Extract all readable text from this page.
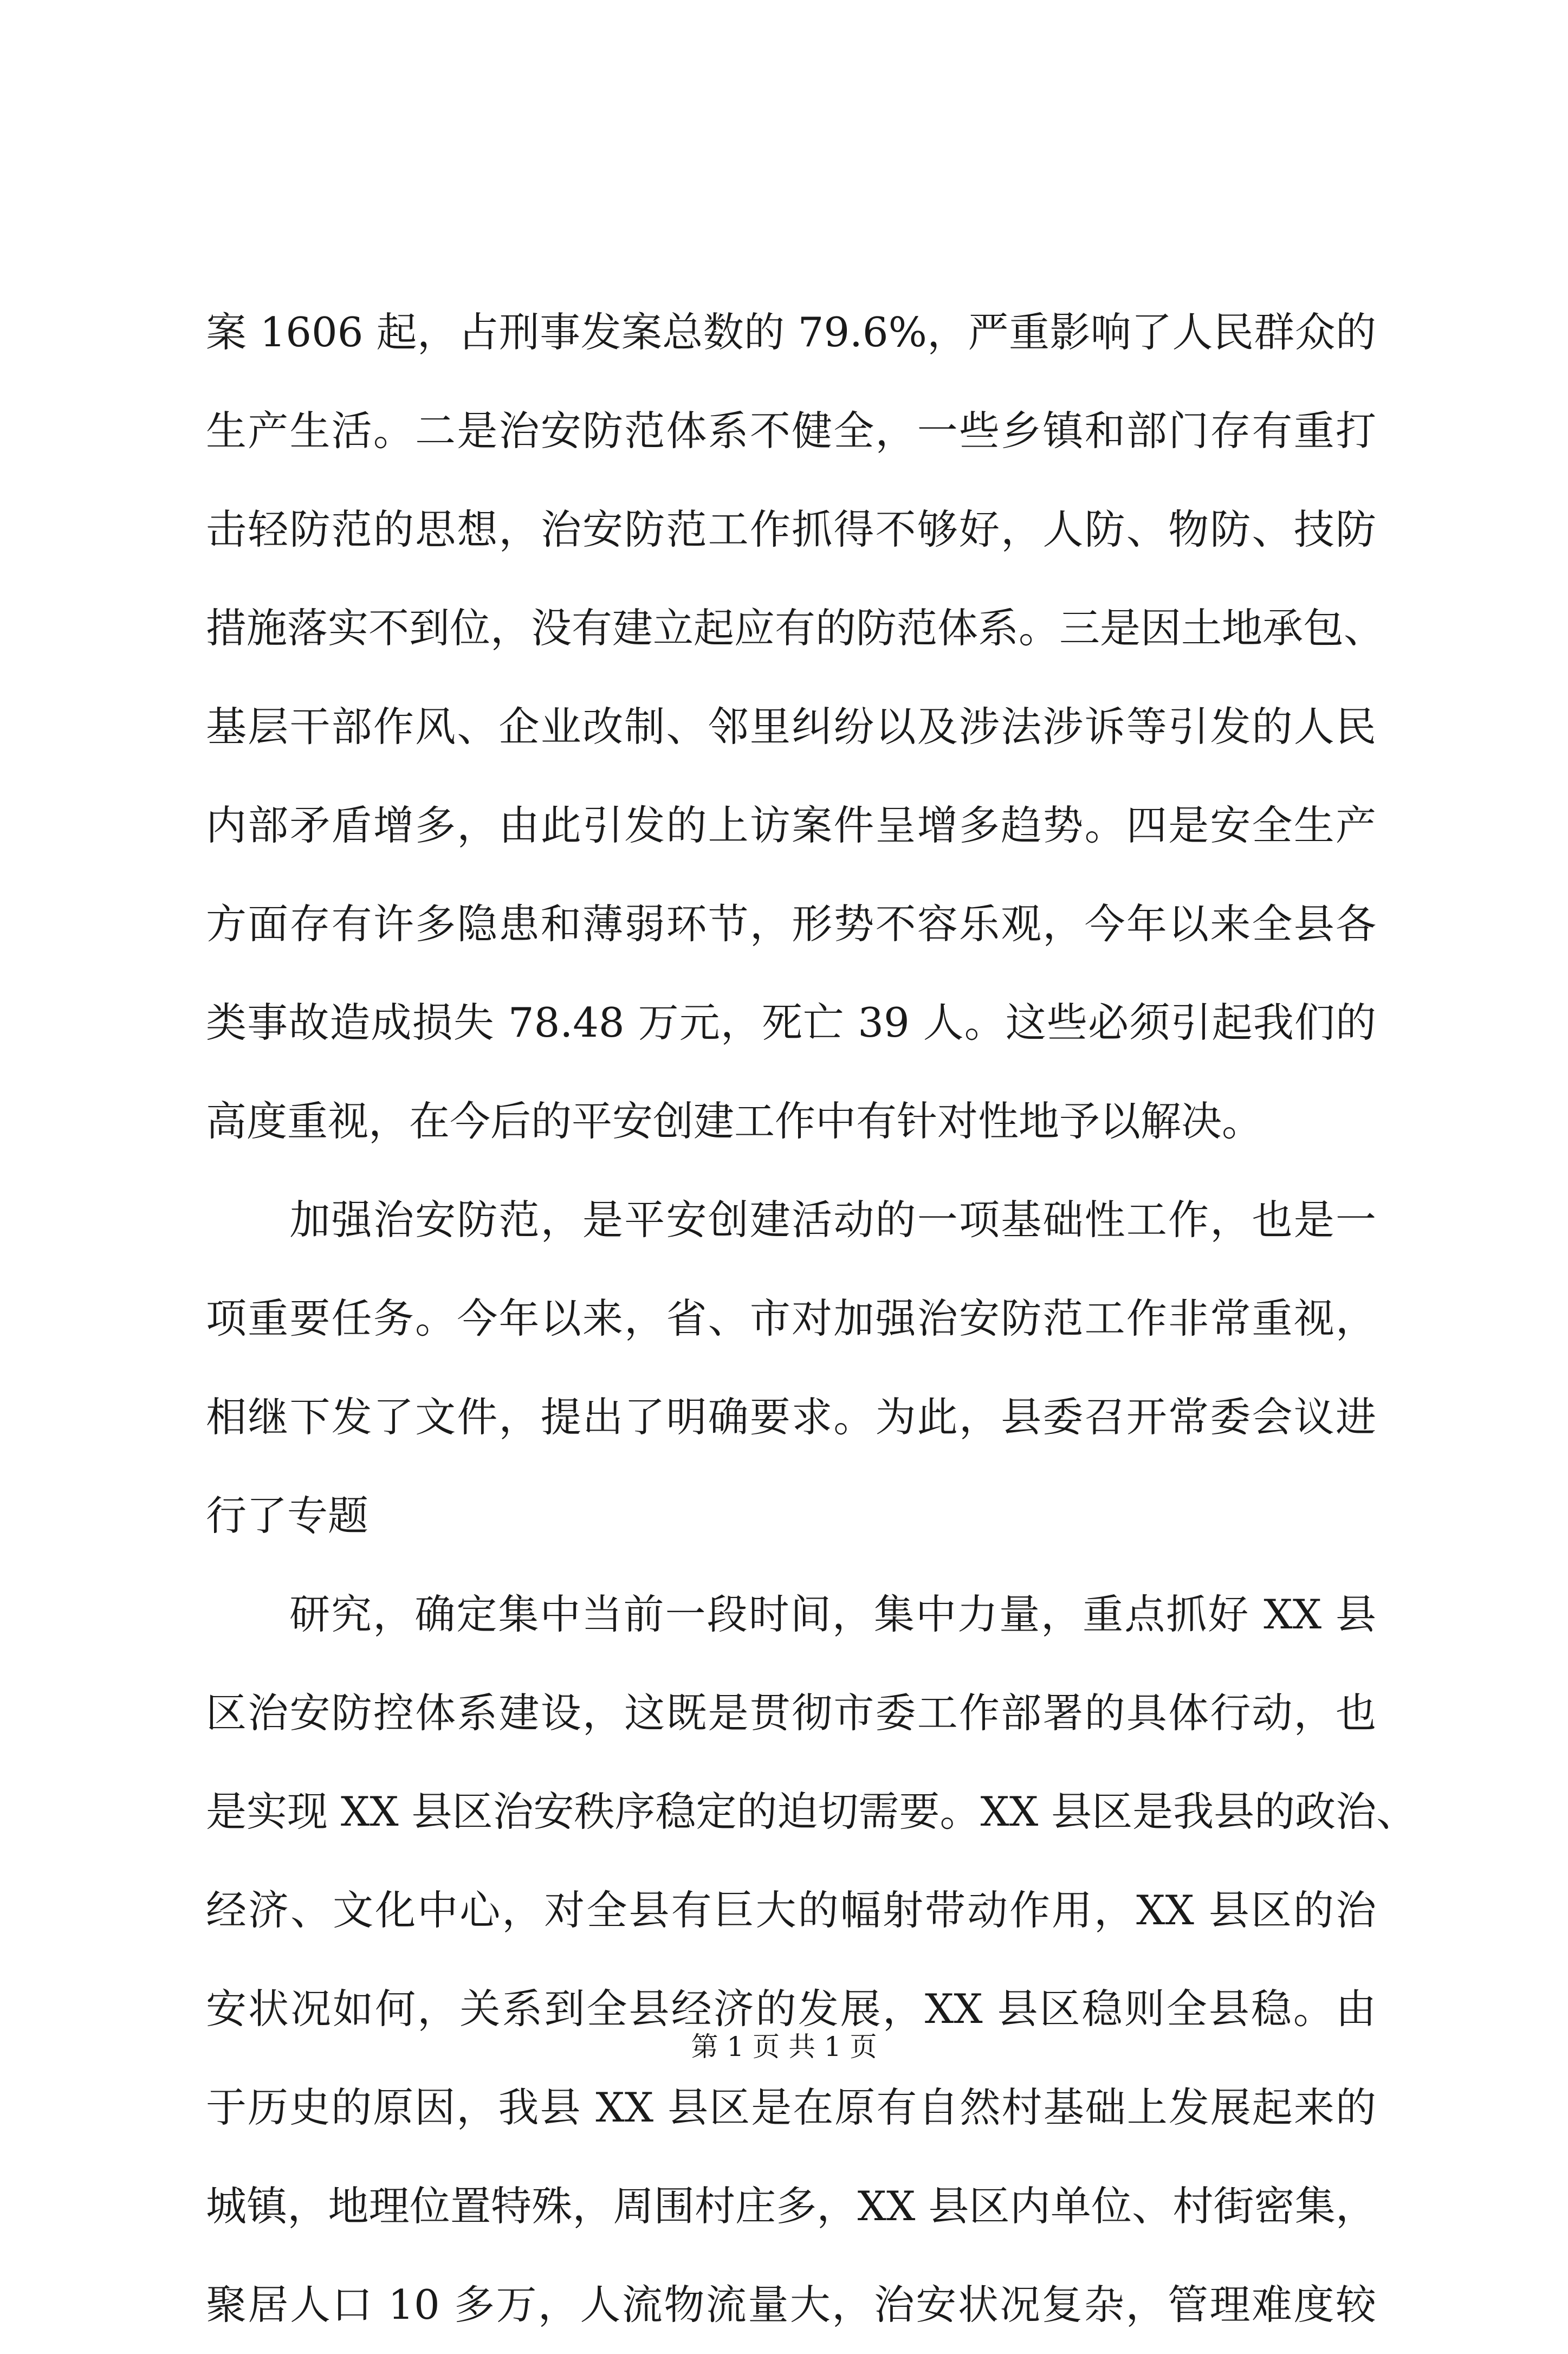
案 1606 起，占刑事发案总数的 79.6%，严重影响了人民群众的
生产生活。二是治安防范体系不健全，一些乡镇和部门存有重打
击轻防范的思想，治安防范工作抓得不够好，人防、物防、技防
措施落实不到位，没有建立起应有的防范体系。三是因土地承包、
基层干部作风、企业改制、邻里纠纷以及涉法涉诉等引发的人民
内部矛盾增多，由此引发的上访案件呈增多趋势。四是安全生产
方面存有许多隐患和薄弱环节，形势不容乐观，今年以来全县各
类事故造成损失 78.48 万元，死亡 39 人。这些必须引起我们的
高度重视，在今后的平安创建工作中有针对性地予以解决。
　　加强治安防范，是平安创建活动的一项基础性工作，也是一
项重要任务。今年以来，省、市对加强治安防范工作非常重视，
相继下发了文件，提出了明确要求。为此，县委召开常委会议进
行了专题
　　研究，确定集中当前一段时间，集中力量，重点抓好 XX 县
区治安防控体系建设，这既是贯彻市委工作部署的具体行动，也
是实现 XX 县区治安秩序稳定的迫切需要。XX 县区是我县的政治、
经济、文化中心，对全县有巨大的幅射带动作用，XX 县区的治
安状况如何，关系到全县经济的发展，XX 县区稳则全县稳。由
于历史的原因，我县 XX 县区是在原有自然村基础上发展起来的
城镇，地理位置特殊，周围村庄多，XX 县区内单位、村街密集，
聚居人口 10 多万，人流物流量大，治安状况复杂，管理难度较
第 1 页 共 1 页
